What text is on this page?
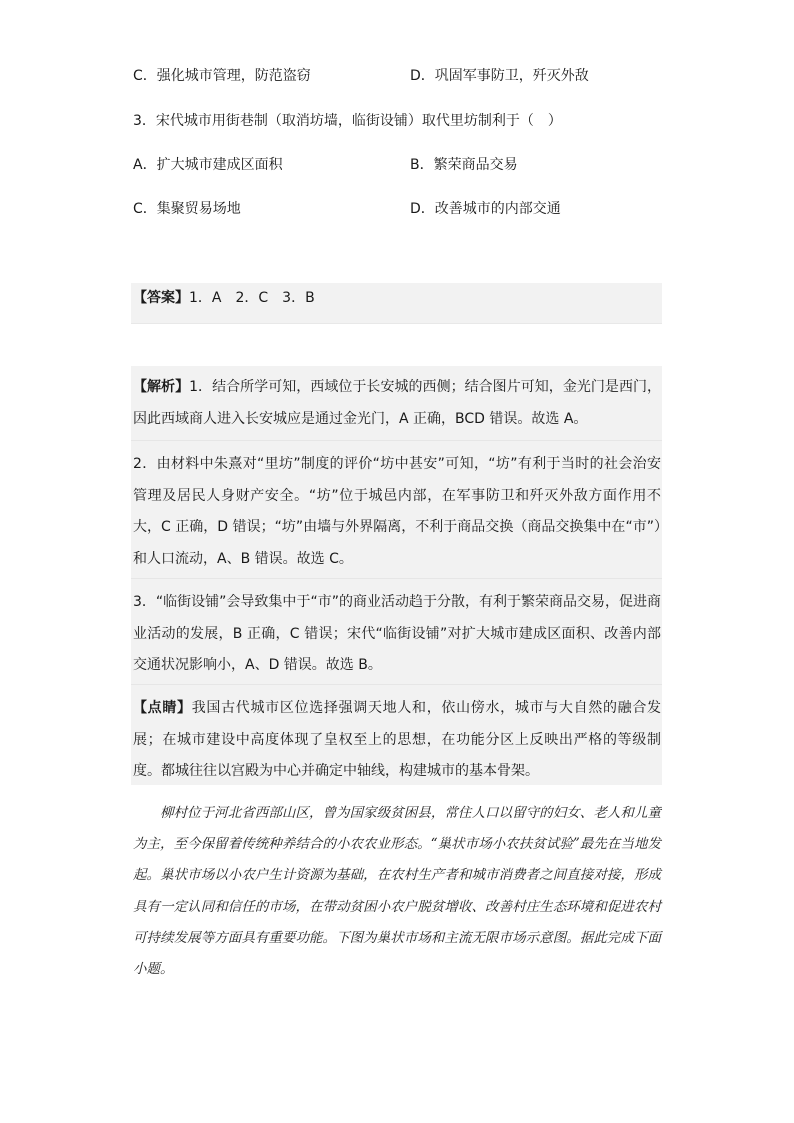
C．强化城市管理，防范盗窃	D．巩固军事防卫，歼灭外敌
3．宋代城市用街巷制（取消坊墙，临街设铺）取代里坊制利于（　）
A．扩大城市建成区面积	B．繁荣商品交易
C．集聚贸易场地	D．改善城市的内部交通
【答案】1．A　2．C　3．B

【解析】1．结合所学可知，西域位于长安城的西侧；结合图片可知，金光门是西门，因此西域商人进入长安城应是通过金光门，A 正确，BCD 错误。故选 A。

2．由材料中朱熹对“里坊”制度的评价“坊中甚安”可知，“坊”有利于当时的社会治安管理及居民人身财产安全。“坊”位于城邑内部，在军事防卫和歼灭外敌方面作用不大，C 正确，D 错误；“坊”由墙与外界隔离，不利于商品交换（商品交换集中在“市”）和人口流动，A、B 错误。故选 C。

3．“临街设铺”会导致集中于“市”的商业活动趋于分散，有利于繁荣商品交易，促进商业活动的发展，B 正确，C 错误；宋代“临街设铺”对扩大城市建成区面积、改善内部交通状况影响小，A、D 错误。故选 B。

【点睛】我国古代城市区位选择强调天地人和，依山傍水，城市与大自然的融合发展；在城市建设中高度体现了皇权至上的思想，在功能分区上反映出严格的等级制度。都城往往以宫殿为中心并确定中轴线，构建城市的基本骨架。

柳村位于河北省西部山区，曾为国家级贫困县，常住人口以留守的妇女、老人和儿童为主，至今保留着传统种养结合的小农农业形态。“巢状市场小农扶贫试验”最先在当地发起。巢状市场以小农户生计资源为基础，在农村生产者和城市消费者之间直接对接，形成具有一定认同和信任的市场，在带动贫困小农户脱贫增收、改善村庄生态环境和促进农村可持续发展等方面具有重要功能。下图为巢状市场和主流无限市场示意图。据此完成下面小题。
